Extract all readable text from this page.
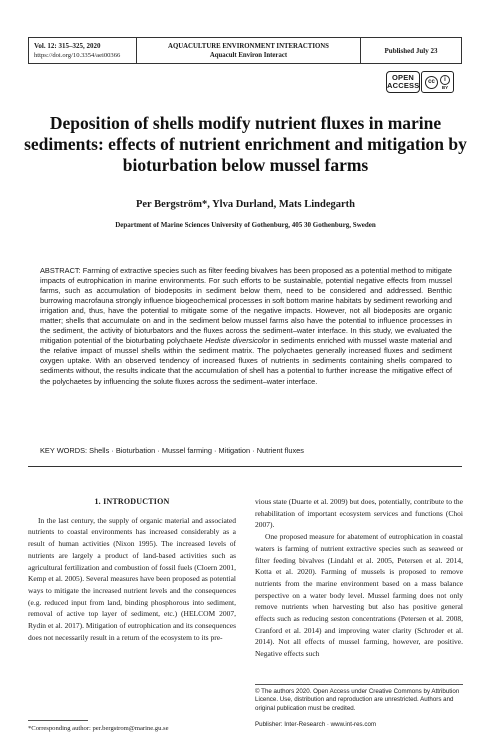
Vol. 12: 315–325, 2020
https://doi.org/10.3354/aei00366
AQUACULTURE ENVIRONMENT INTERACTIONS
Aquacult Environ Interact
Published July 23
OPEN
ACCESS	cc	i
BY
Deposition of shells modify nutrient fluxes in marine sediments: effects of nutrient enrichment and mitigation by bioturbation below mussel farms
Per Bergström*, Ylva Durland, Mats Lindegarth
Department of Marine Sciences University of Gothenburg, 405 30 Gothenburg, Sweden

ABSTRACT: Farming of extractive species such as filter feeding bivalves has been proposed as a potential method to mitigate impacts of eutrophication in marine environments. For such efforts to be sustainable, potential negative effects from mussel farms, such as accumulation of biodeposits in sediment below them, need to be considered and addressed. Benthic burrowing macrofauna strongly influence biogeochemical processes in soft bottom marine habitats by sediment reworking and irrigation and, thus, have the potential to mitigate some of the negative impacts. However, not all biodeposits are organic matter; shells that accumulate on and in the sediment below mussel farms also have the potential to influence processes in the sediment, the activity of bioturbators and the fluxes across the sediment–water interface. In this study, we evaluated the mitigation potential of the bioturbating polychaete Hediste diversicolor in sediments enriched with mussel waste material and the relative impact of mussel shells within the sediment matrix. The polychaetes generally increased fluxes and sediment oxygen uptake. With an observed tendency of increased fluxes of nutrients in sediments containing shells compared to sediments without, the results indicate that the accumulation of shell has a potential to further increase the mitigative effect of the polychaetes by influencing the solute fluxes across the sediment–water interface.

KEY WORDS: Shells · Bioturbation · Mussel farming · Mitigation · Nutrient fluxes
1. INTRODUCTION

In the last century, the supply of organic material and associated nutrients to coastal environments has increased considerably as a result of human activities (Nixon 1995). The increased levels of nutrients are largely a product of land-based activities such as agricultural fertilization and combustion of fossil fuels (Cloern 2001, Kemp et al. 2005). Several measures have been proposed as potential ways to mitigate the increased nutrient levels and the consequences (e.g. reduced input from land, binding phosphorous into sediment, removal of active top layer of sediment, etc.) (HELCOM 2007, Rydin et al. 2017). Mitigation of eutrophication and its consequences does not necessarily result in a return of the ecosystem to its pre-

vious state (Duarte et al. 2009) but does, potentially, contribute to the rehabilitation of important ecosystem services and functions (Choi 2007).

One proposed measure for abatement of eutrophication in coastal waters is farming of nutrient extractive species such as seaweed or filter feeding bivalves (Lindahl et al. 2005, Petersen et al. 2014, Kotta et al. 2020). Farming of mussels is proposed to remove nutrients from the marine environment based on a mass balance perspective on a water body level. Mussel farming does not only remove nutrients when harvesting but also has positive general effects such as reducing seston concentrations (Petersen et al. 2008, Cranford et al. 2014) and improving water clarity (Schroder et al. 2014). Not all effects of mussel farming, however, are positive. Negative effects such

*Corresponding author: per.bergstrom@marine.gu.se
© The authors 2020. Open Access under Creative Commons by Attribution Licence. Use, distribution and reproduction are unrestricted. Authors and original publication must be credited.
Publisher: Inter-Research · www.int-res.com
